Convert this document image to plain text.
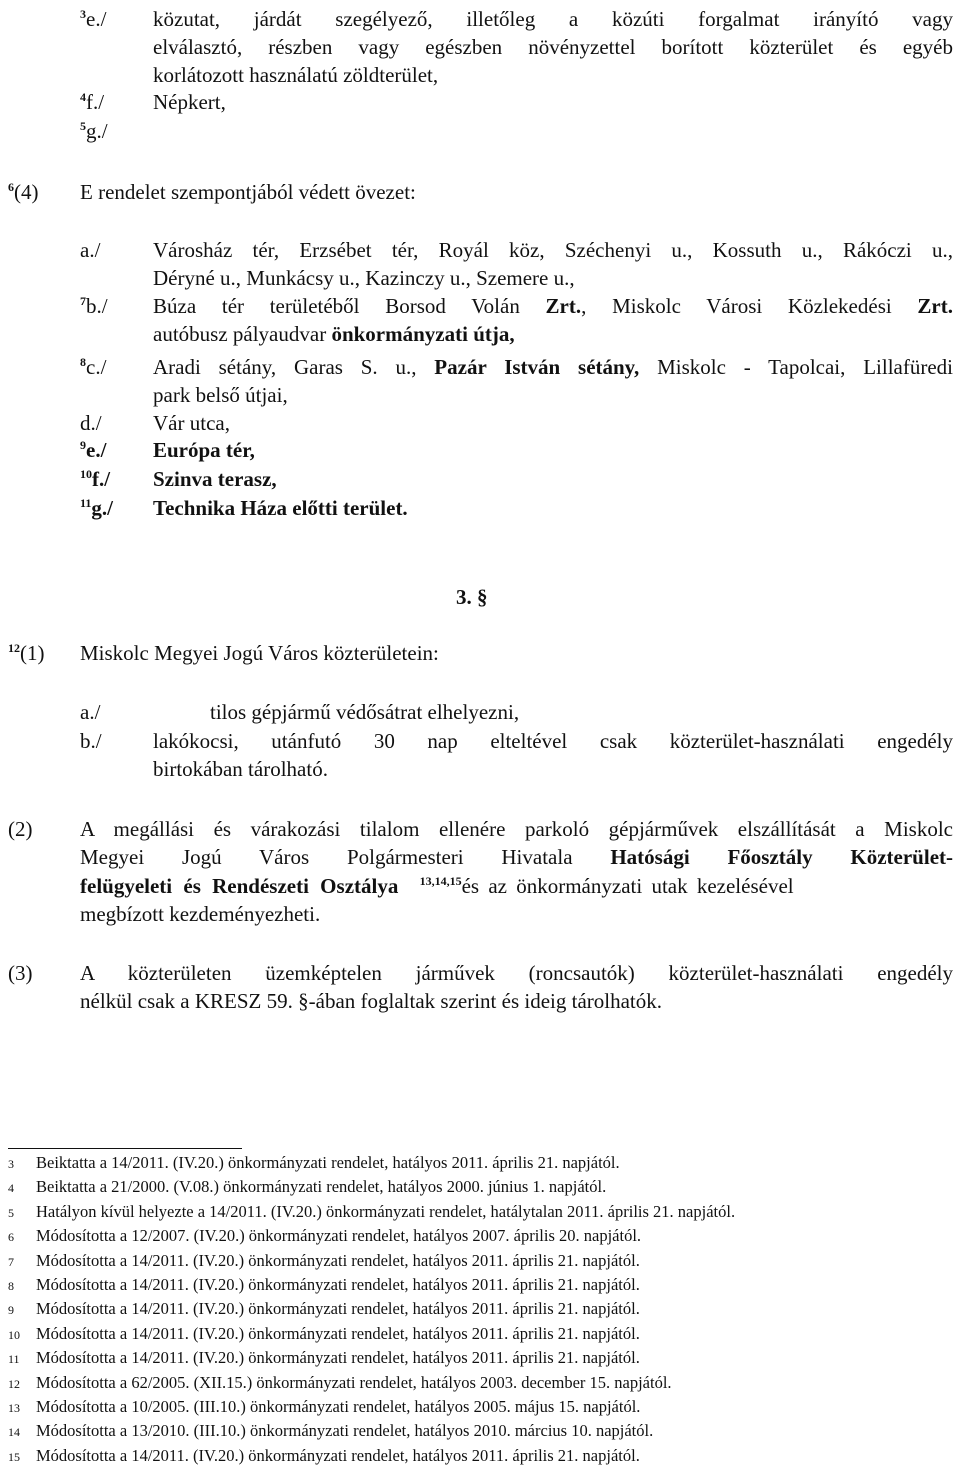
$^3$e./ közutat, járdát szegélyező, illetőleg a közúti forgalmat irányító vagy
elválasztó, részben vagy egészben növényzettel borított közterület és egyéb
korlátozott használatú zöldterület,
$^4$f./ Népkert,
$^5$g./
$^6$(4) E rendelet szempontjából védett övezet:
a./	Városház tér, Erzsébet tér, Royál köz, Széchenyi u., Kossuth u., Rákóczi u.,
Déryné u., Munkácsy u., Kazinczy u., Szemere u.,
$^7$b./ Búza tér területéből Borsod Volán Zrt., Miskolc Városi Közlekedési Zrt.
autóbusz pályaudvar önkormányzati útja,
$^8$c./ Aradi sétány, Garas S. u., Pazár István sétány, Miskolc - Tapolcai, Lillafüredi
park belső útjai,
d./ Vár utca,
$^9$e./ Európa tér,
$^{10}$f./ Szinva terasz,
$^{11}$g./ Technika Háza előtti terület.
3. §
$^{12}$(1) Miskolc Megyei Jogú Város közterületein:
a./	tilos gépjármű védősátrat elhelyezni,
b./ lakókocsi, utánfutó 30 nap elteltével csak közterület-használati engedély
birtokában tárolható.
(2) A megállási és várakozási tilalom ellenére parkoló gépjárművek elszállítását a Miskolc
Megyei Jogú Város Polgármesteri Hivatala Hatósági Főosztály Közterület-
felügyeleti és Rendészeti Osztálya $^{13,14,15}$és az önkormányzati utak kezelésével
megbízott kezdeményezheti.
(3) A közterületen üzemképtelen járművek (roncsautók) közterület-használati engedély
nélkül csak a KRESZ 59. §-ában foglaltak szerint és ideig tárolhatók.
3 Beiktatta a 14/2011. (IV.20.) önkormányzati rendelet, hatályos 2011. április 21. napjától.
4 Beiktatta a 21/2000. (V.08.) önkormányzati rendelet, hatályos 2000. június 1. napjától.
5 Hatályon kívül helyezte a 14/2011. (IV.20.) önkormányzati rendelet, hatálytalan 2011. április 21. napjától.
6 Módosította a 12/2007. (IV.20.) önkormányzati rendelet, hatályos 2007. április 20. napjától.
7 Módosította a 14/2011. (IV.20.) önkormányzati rendelet, hatályos 2011. április 21. napjától.
8 Módosította a 14/2011. (IV.20.) önkormányzati rendelet, hatályos 2011. április 21. napjától.
9 Módosította a 14/2011. (IV.20.) önkormányzati rendelet, hatályos 2011. április 21. napjától.
10 Módosította a 14/2011. (IV.20.) önkormányzati rendelet, hatályos 2011. április 21. napjától.
11 Módosította a 14/2011. (IV.20.) önkormányzati rendelet, hatályos 2011. április 21. napjától.
12 Módosította a 62/2005. (XII.15.) önkormányzati rendelet, hatályos 2003. december 15. napjától.
13 Módosította a 10/2005. (III.10.) önkormányzati rendelet, hatályos 2005. május 15. napjától.
14 Módosította a 13/2010. (III.10.) önkormányzati rendelet, hatályos 2010. március 10. napjától.
15 Módosította a 14/2011. (IV.20.) önkormányzati rendelet, hatályos 2011. április 21. napjától.
